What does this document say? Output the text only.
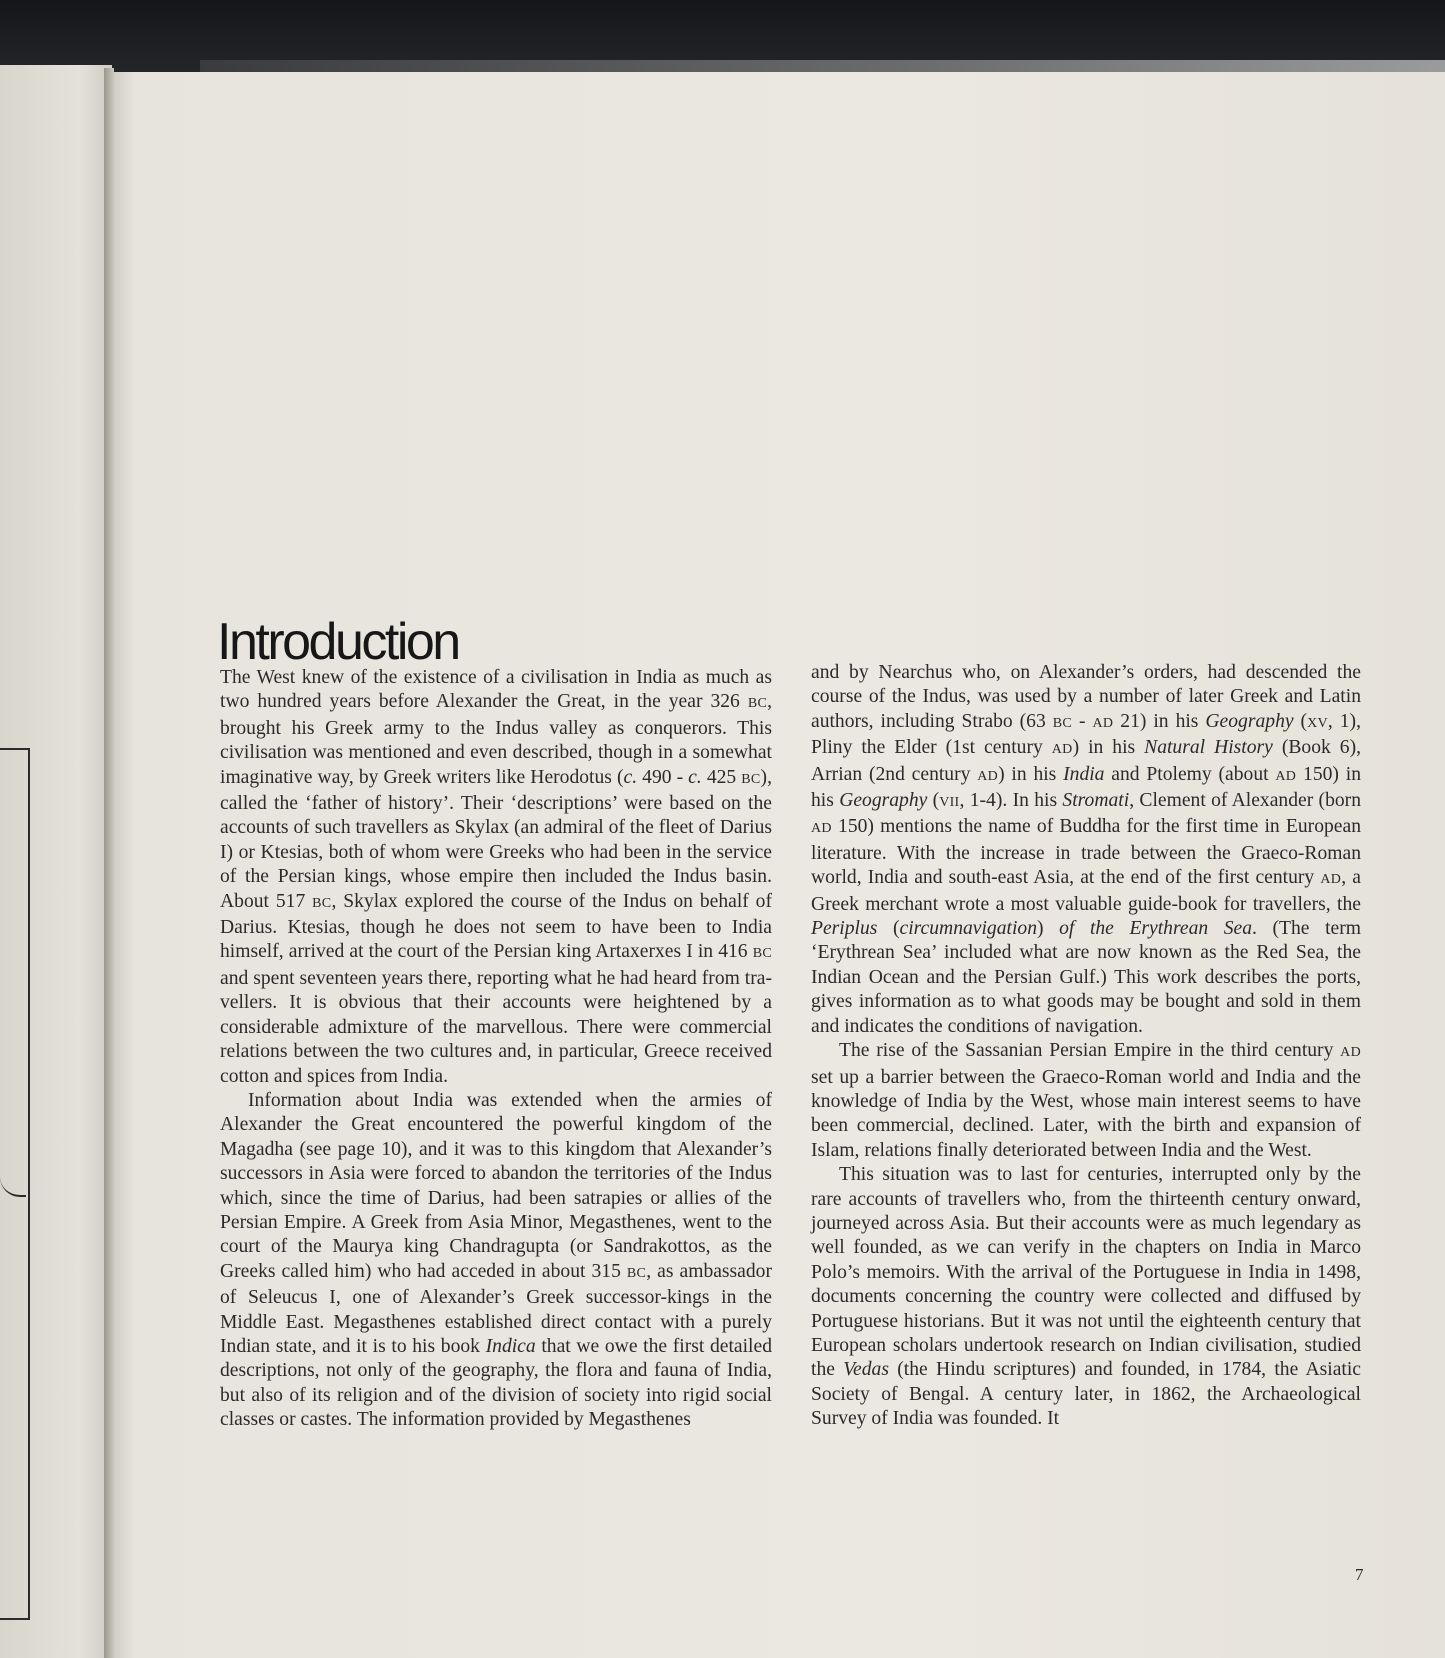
Introduction

The West knew of the existence of a civilisation in India as much as two hundred years before Alexander the Great, in the year 326 BC, brought his Greek army to the Indus valley as conquerors. This civilisation was mentioned and even described, though in a somewhat imaginative way, by Greek writers like Herodotus (c. 490 - c. 425 BC), called the ‘father of history’. Their ‘descriptions’ were based on the accounts of such travellers as Skylax (an admiral of the fleet of Darius I) or Ktesias, both of whom were Greeks who had been in the service of the Persian kings, whose empire then included the Indus basin. About 517 BC, Skylax explored the course of the Indus on behalf of Darius. Ktesias, though he does not seem to have been to India himself, arrived at the court of the Persian king Artaxerxes I in 416 BC and spent seventeen years there, reporting what he had heard from travellers. It is obvious that their accounts were heightened by a considerable admixture of the marvellous. There were commercial relations between the two cultures and, in particular, Greece received cotton and spices from India.

Information about India was extended when the armies of Alexander the Great encountered the powerful kingdom of the Magadha (see page 10), and it was to this kingdom that Alexander’s successors in Asia were forced to abandon the territories of the Indus which, since the time of Darius, had been satrapies or allies of the Persian Empire. A Greek from Asia Minor, Megasthenes, went to the court of the Maurya king Chandragupta (or Sandrakottos, as the Greeks called him) who had acceded in about 315 BC, as ambassador of Seleucus I, one of Alexander’s Greek successor-kings in the Middle East. Megasthenes established direct contact with a purely Indian state, and it is to his book Indica that we owe the first detailed descriptions, not only of the geography, the flora and fauna of India, but also of its religion and of the division of society into rigid social classes or castes. The information provided by Megasthenes

and by Nearchus who, on Alexander’s orders, had descended the course of the Indus, was used by a number of later Greek and Latin authors, including Strabo (63 BC - AD 21) in his Geography (XV, 1), Pliny the Elder (1st century AD) in his Natural History (Book 6), Arrian (2nd century AD) in his India and Ptolemy (about AD 150) in his Geography (VII, 1-4). In his Stromati, Clement of Alexander (born AD 150) mentions the name of Buddha for the first time in European literature. With the increase in trade between the Graeco-Roman world, India and south-east Asia, at the end of the first century AD, a Greek merchant wrote a most valuable guide-book for travellers, the Periplus (circumnavigation) of the Erythrean Sea. (The term ‘Erythrean Sea’ included what are now known as the Red Sea, the Indian Ocean and the Persian Gulf.) This work describes the ports, gives information as to what goods may be bought and sold in them and indicates the conditions of navigation.

The rise of the Sassanian Persian Empire in the third century AD set up a barrier between the Graeco-Roman world and India and the knowledge of India by the West, whose main interest seems to have been commercial, declined. Later, with the birth and expansion of Islam, relations finally deteriorated between India and the West.

This situation was to last for centuries, interrupted only by the rare accounts of travellers who, from the thirteenth century onward, journeyed across Asia. But their accounts were as much legendary as well founded, as we can verify in the chapters on India in Marco Polo’s memoirs. With the arrival of the Portuguese in India in 1498, documents concerning the country were collected and diffused by Portuguese historians. But it was not until the eighteenth century that European scholars undertook research on Indian civilisation, studied the Vedas (the Hindu scriptures) and founded, in 1784, the Asiatic Society of Bengal. A century later, in 1862, the Archaeological Survey of India was founded. It

7
